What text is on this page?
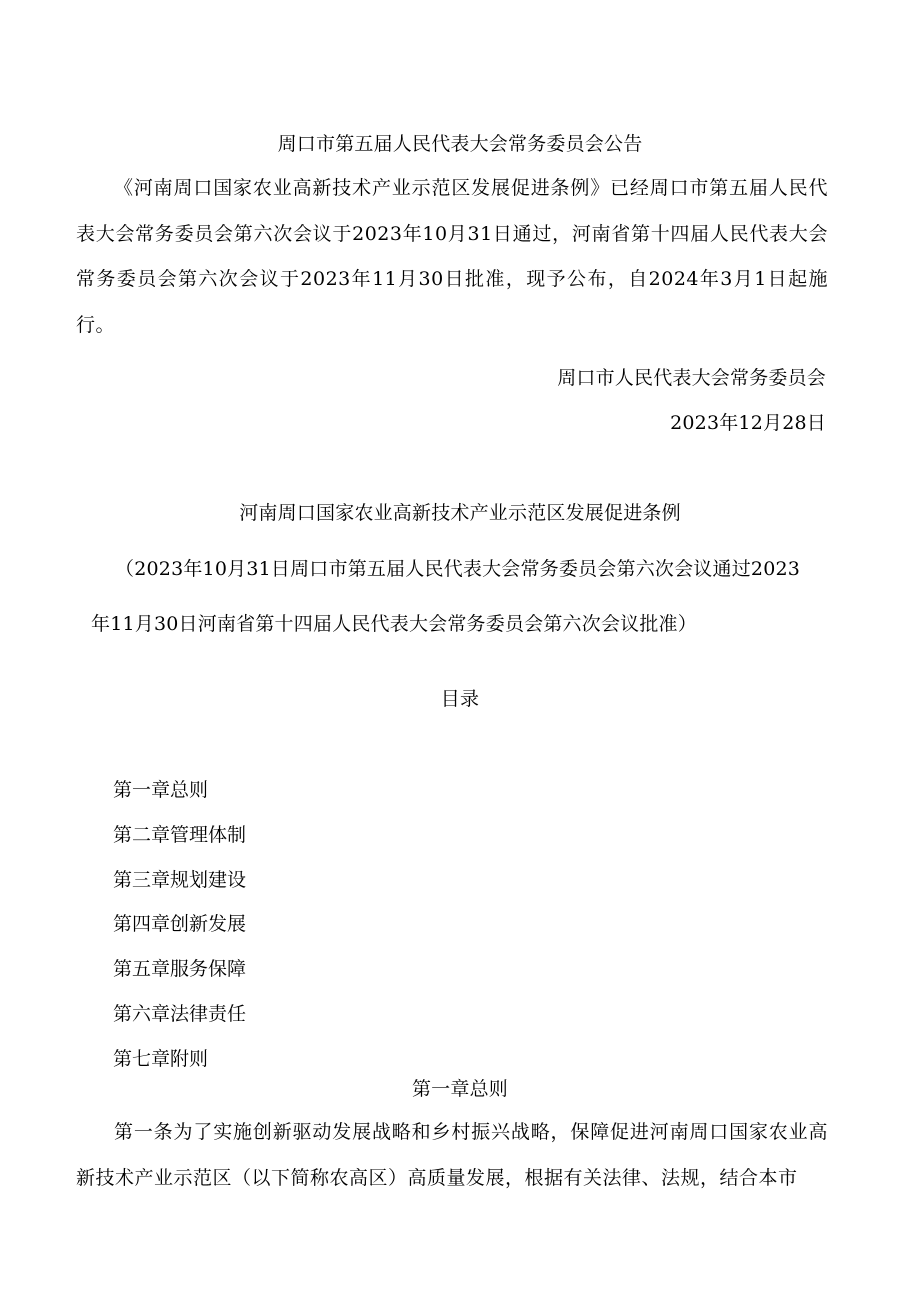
周口市第五届人民代表大会常务委员会公告
《河南周口国家农业高新技术产业示范区发展促进条例》已经周口市第五届人民代表大会常务委员会第六次会议于2023年10月31日通过，河南省第十四届人民代表大会常务委员会第六次会议于2023年11月30日批准，现予公布，自2024年3月1日起施行。
周口市人民代表大会常务委员会
2023年12月28日
河南周口国家农业高新技术产业示范区发展促进条例
（2023年10月31日周口市第五届人民代表大会常务委员会第六次会议通过2023
年11月30日河南省第十四届人民代表大会常务委员会第六次会议批准）
目录
第一章总则
第二章管理体制
第三章规划建设
第四章创新发展
第五章服务保障
第六章法律责任
第七章附则
第一章总则
第一条为了实施创新驱动发展战略和乡村振兴战略，保障促进河南周口国家农业高新技术产业示范区（以下简称农高区）高质量发展，根据有关法律、法规，结合本市
